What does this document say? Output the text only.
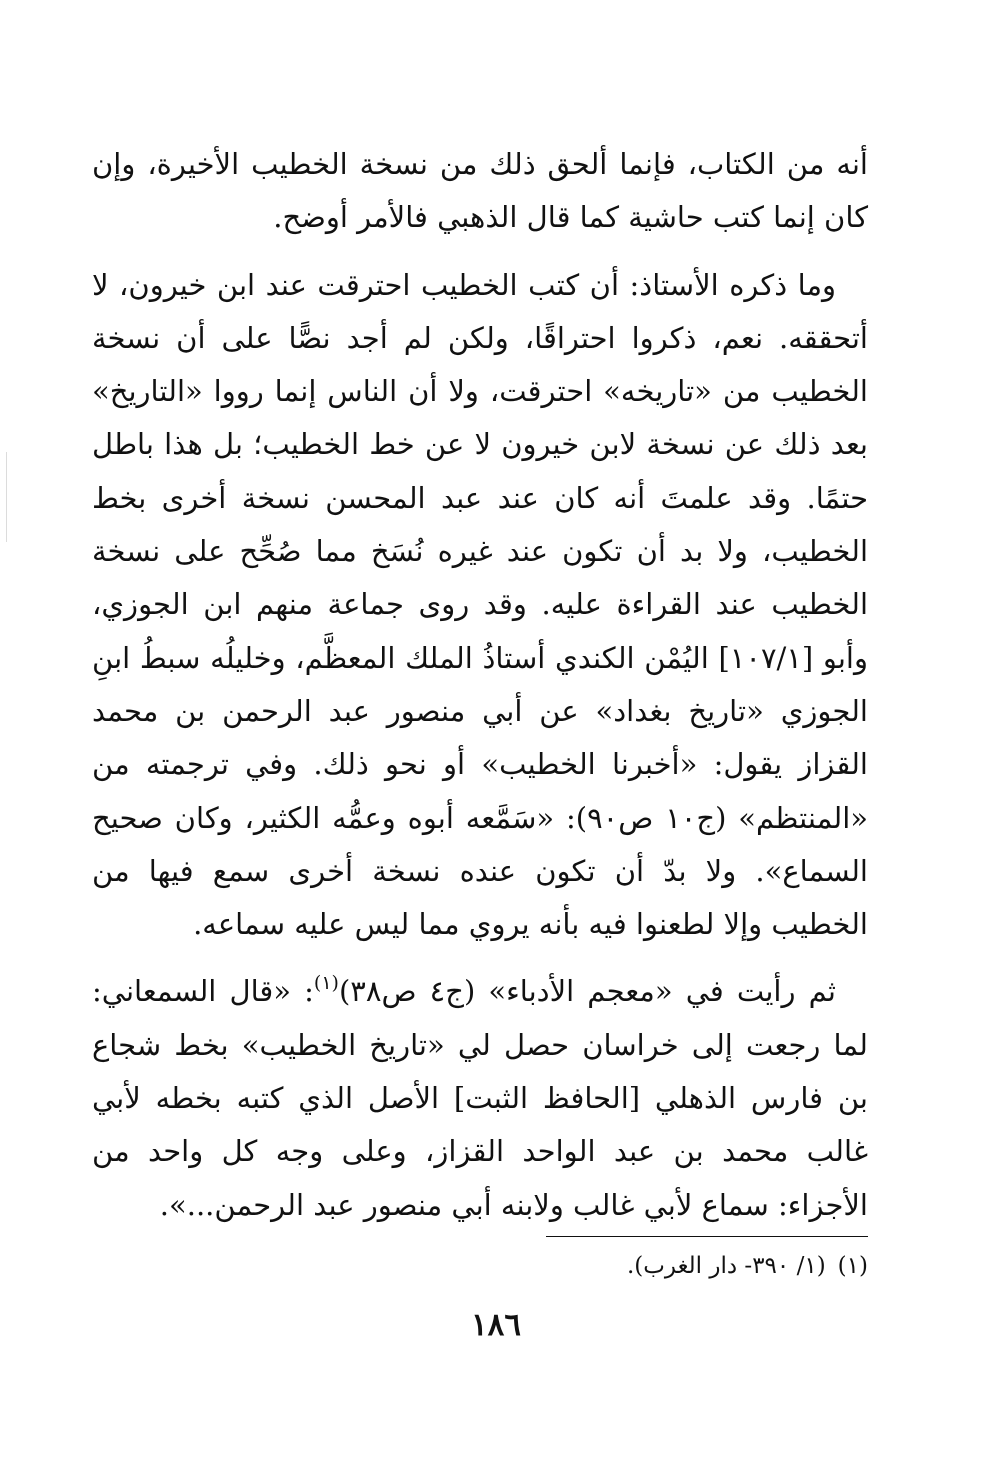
أنه من الكتاب، فإنما ألحق ذلك من نسخة الخطيب الأخيرة، وإن كان إنما كتب حاشية كما قال الذهبي فالأمر أوضح.

وما ذكره الأستاذ: أن كتب الخطيب احترقت عند ابن خيرون، لا أتحققه. نعم، ذكروا احتراقًا، ولكن لم أجد نصًّا على أن نسخة الخطيب من «تاريخه» احترقت، ولا أن الناس إنما رووا «التاريخ» بعد ذلك عن نسخة لابن خيرون لا عن خط الخطيب؛ بل هذا باطل حتمًا. وقد علمتَ أنه كان عند عبد المحسن نسخة أخرى بخط الخطيب، ولا بد أن تكون عند غيره نُسَخ مما صُحِّح على نسخة الخطيب عند القراءة عليه. وقد روى جماعة منهم ابن الجوزي، وأبو [١٠٧/١] اليُمْن الكندي أستاذُ الملك المعظَّم، وخليلُه سبطُ ابنِ الجوزي «تاريخ بغداد» عن أبي منصور عبد الرحمن بن محمد القزاز يقول: «أخبرنا الخطيب» أو نحو ذلك. وفي ترجمته من «المنتظم» (ج١٠ ص٩٠): «سَمَّعه أبوه وعمُّه الكثير، وكان صحيح السماع». ولا بدّ أن تكون عنده نسخة أخرى سمع فيها من الخطيب وإلا لطعنوا فيه بأنه يروي مما ليس عليه سماعه.

ثم رأيت في «معجم الأدباء» (ج٤ ص٣٨)$^{(١)}$: «قال السمعاني: لما رجعت إلى خراسان حصل لي «تاريخ الخطيب» بخط شجاع بن فارس الذهلي [الحافظ الثبت] الأصل الذي كتبه بخطه لأبي غالب محمد بن عبد الواحد القزاز، وعلى وجه كل واحد من الأجزاء: سماع لأبي غالب ولابنه أبي منصور عبد الرحمن...».

(١)(١/ ٣٩٠- دار الغرب).
١٨٦
